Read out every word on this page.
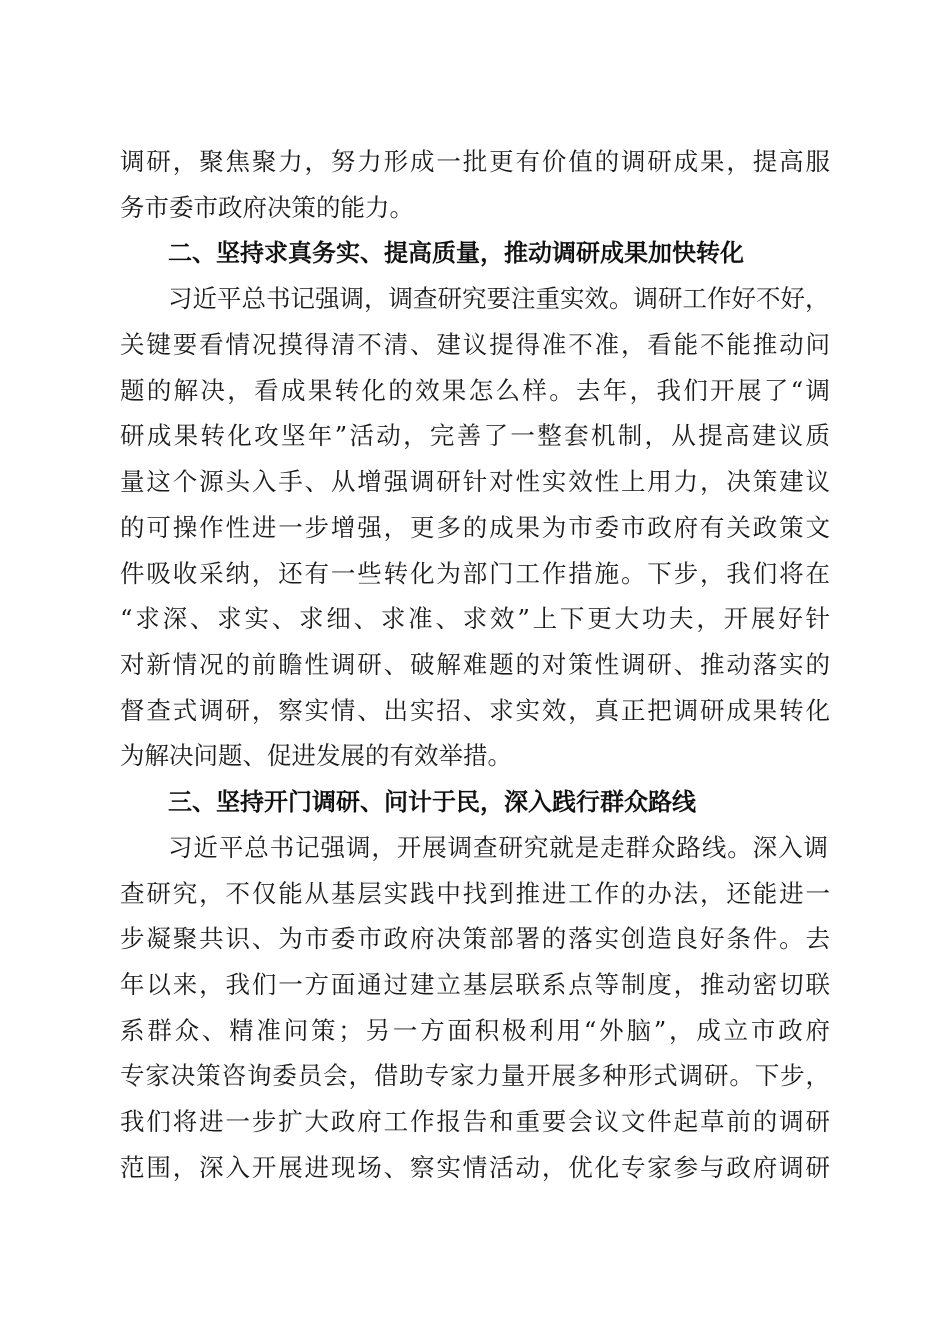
调研，聚焦聚力，努力形成一批更有价值的调研成果，提高服
务市委市政府决策的能力。
二、坚持求真务实、提高质量，推动调研成果加快转化
习近平总书记强调，调查研究要注重实效。调研工作好不好，
关键要看情况摸得清不清、建议提得准不准，看能不能推动问
题的解决，看成果转化的效果怎么样。去年，我们开展了“调
研成果转化攻坚年”活动，完善了一整套机制，从提高建议质
量这个源头入手、从增强调研针对性实效性上用力，决策建议
的可操作性进一步增强，更多的成果为市委市政府有关政策文
件吸收采纳，还有一些转化为部门工作措施。下步，我们将在
“求深、求实、求细、求准、求效”上下更大功夫，开展好针
对新情况的前瞻性调研、破解难题的对策性调研、推动落实的
督查式调研，察实情、出实招、求实效，真正把调研成果转化
为解决问题、促进发展的有效举措。
三、坚持开门调研、问计于民，深入践行群众路线
习近平总书记强调，开展调查研究就是走群众路线。深入调
查研究，不仅能从基层实践中找到推进工作的办法，还能进一
步凝聚共识、为市委市政府决策部署的落实创造良好条件。去
年以来，我们一方面通过建立基层联系点等制度，推动密切联
系群众、精准问策；另一方面积极利用“外脑”，成立市政府
专家决策咨询委员会，借助专家力量开展多种形式调研。下步，
我们将进一步扩大政府工作报告和重要会议文件起草前的调研
范围，深入开展进现场、察实情活动，优化专家参与政府调研
